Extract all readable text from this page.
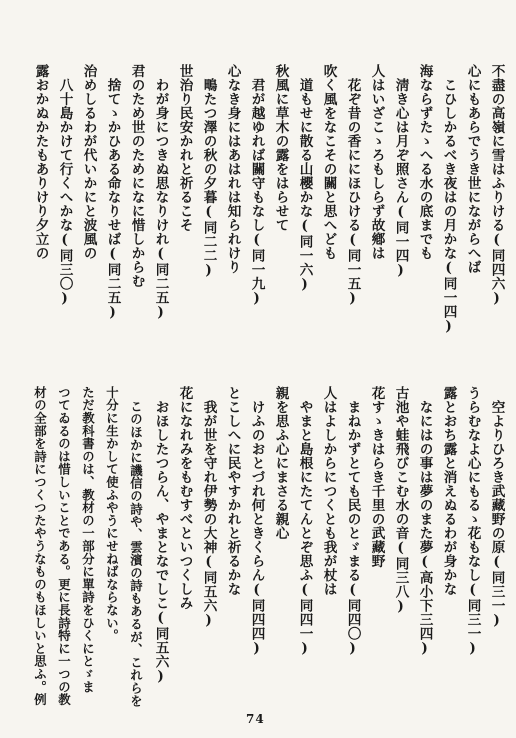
不盡の高嶺に雪はふりける(同四六)
心にもあらでうき世にながらへば
こひしかるべき夜はの月かな(同一四)
海ならずたゝへる水の底までも
淸き心は月ぞ照さん(同一四)
人はいざこゝろもしらず故鄕は
花ぞ昔の香ににほひける(同一五)
吹く風をなこその關と思へども
道もせに散る山櫻かな(同一六)
秋風に草木の露をはらせて
君が越ゆれば關守もなし(同一九)
心なき身にはあはれは知られけり
鴫たつ澤の秋の夕暮(同二二)
世治り民安かれと祈るこそ
わが身につきぬ思なりけれ(同二五)
君のため世のためになに惜しからむ
捨てゝかひある命なりせば(同二五)
治めしるわが代いかにと波風の
八十島かけて行くへかな(同三〇)
露おかぬかたもありけり夕立の
空よりひろき武藏野の原(同三一)
うらむなよ心にもるゝ花もなし(同三一)
露とおち露と消えぬるわが身かな
なにはの事は夢のまた夢(高小下三四)
古池や蛙飛びこむ水の音(同三八)
花すゝきはらき千里の武藏野
まねかずとても民のとゞまる(同四〇)
人はよしからにつくとも我が杖は
やまと島根にたてんとぞ思ふ(同四一)
親を思ふ心にまさる親心
けふのおとづれ何ときくらん(同四四)
とこしへに民やすかれと祈るかな
我が世を守れ伊勢の大神(同五六)
花になれみをもむすべといつくしみ
おほしたつらん、やまとなでしこ(同五六)
このほかに譏信の詩や、雲濱の詩もあるが、これらを
十分に生かして使ふやうにせねばならない。
ただ教科書のは、教材の一部分に單詩をひくにとゞま
つてゐるのは惜しいことである。更に長詩特に一つの教
材の全部を詩につくつたやうなものもほしいと思ふ。例
74
